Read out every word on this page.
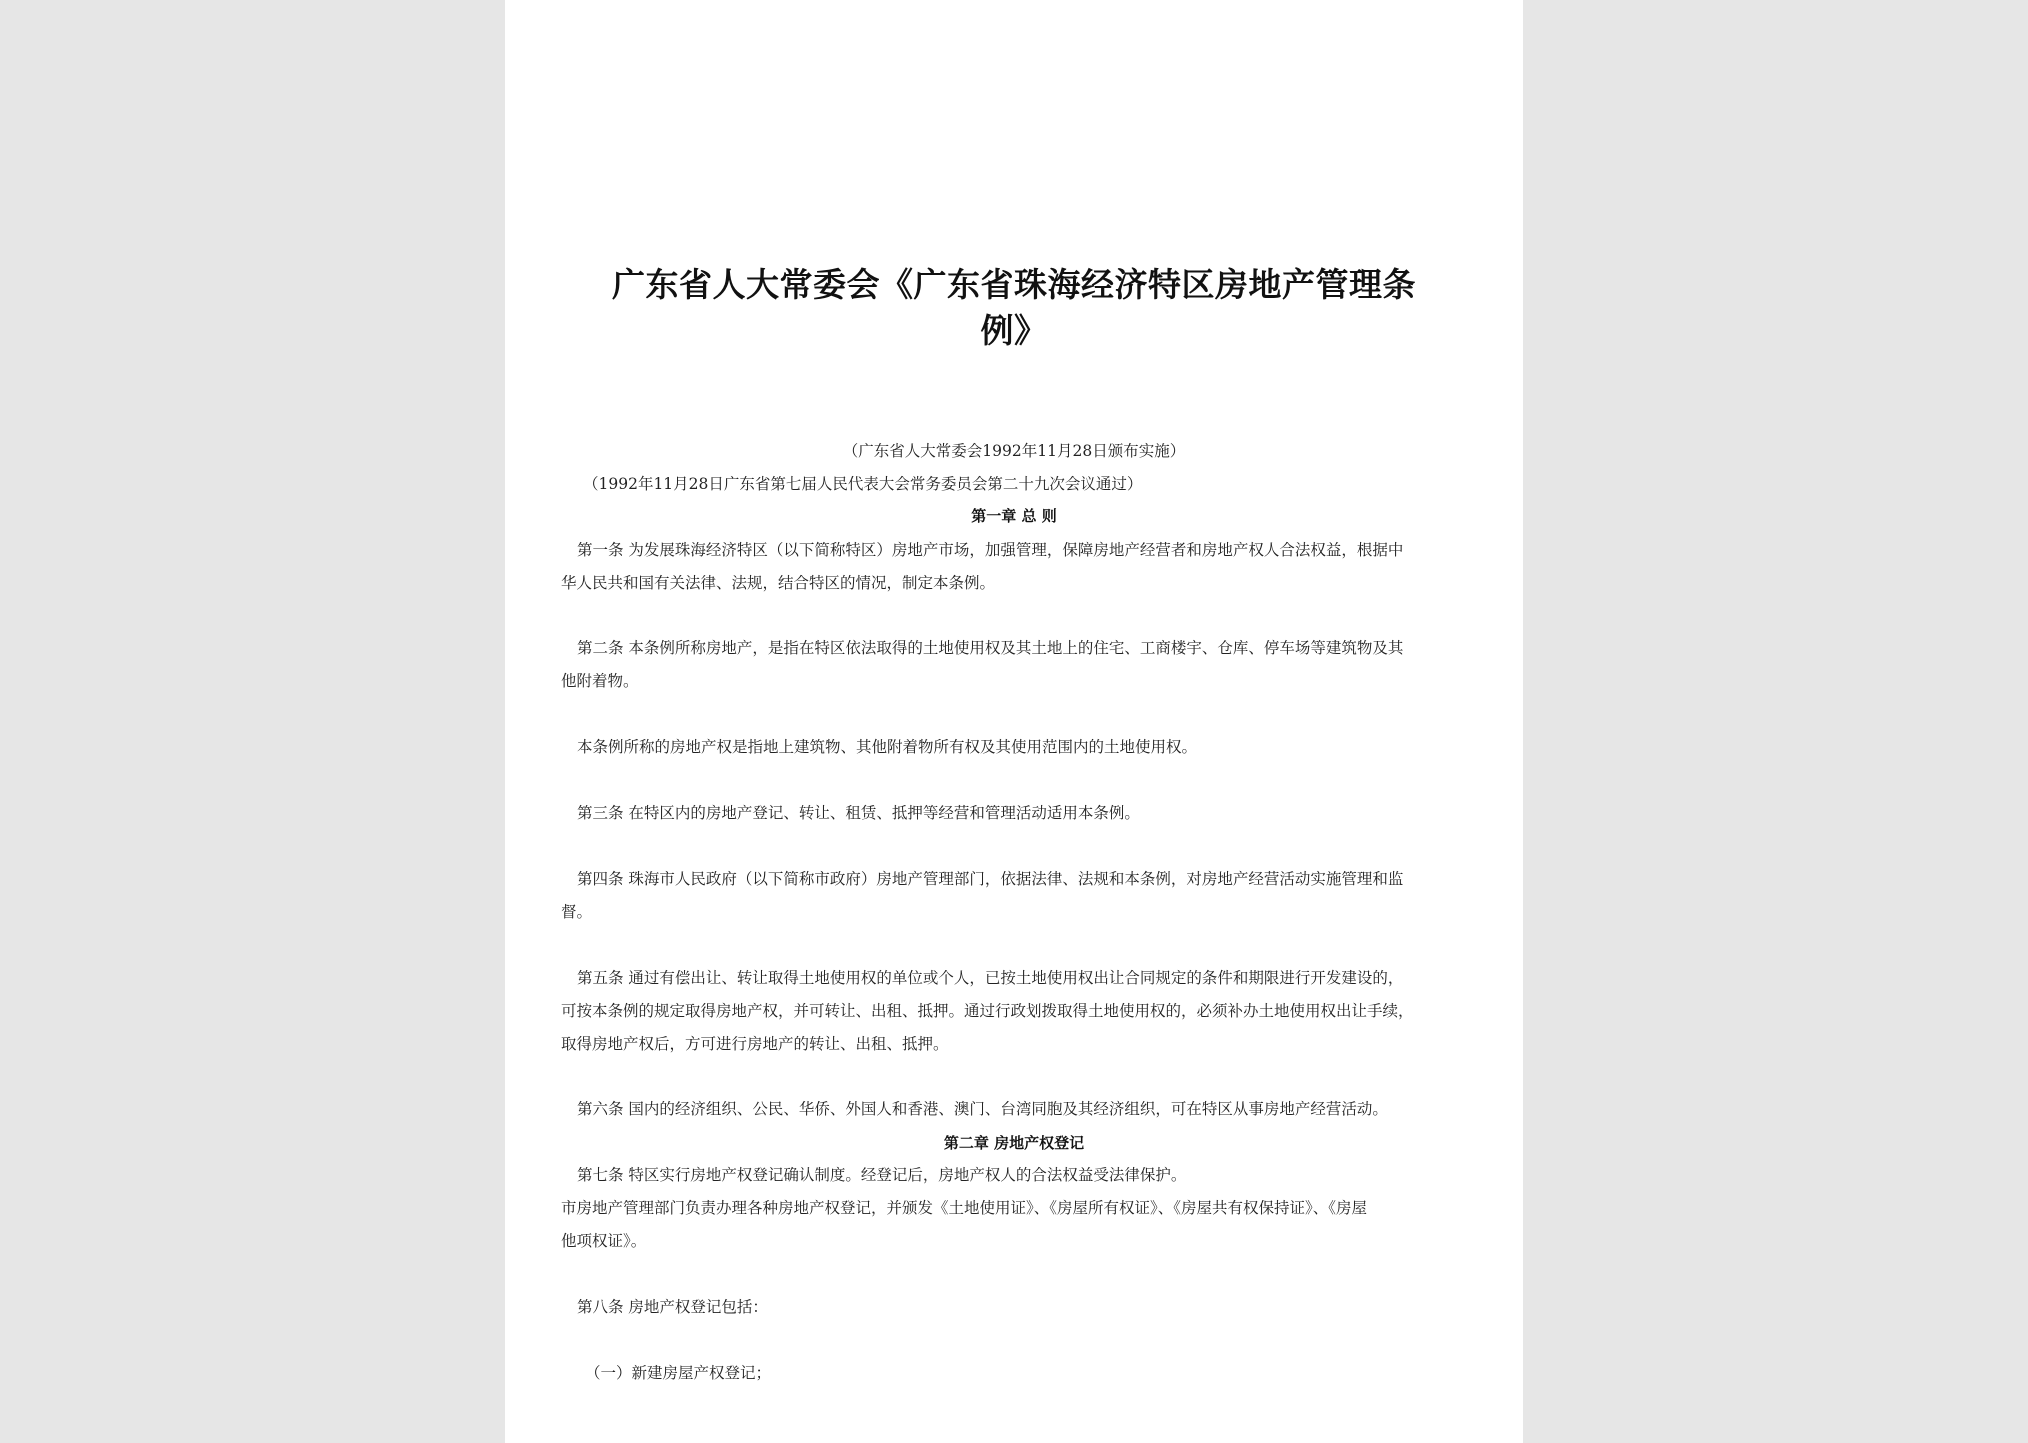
广东省人大常委会《广东省珠海经济特区房地产管理条
例》
（广东省人大常委会1992年11月28日颁布实施）
（1992年11月28日广东省第七届人民代表大会常务委员会第二十九次会议通过）
第一章 总 则
第一条 为发展珠海经济特区（以下简称特区）房地产市场，加强管理，保障房地产经营者和房地产权人合法权益，根据中
华人民共和国有关法律、法规，结合特区的情况，制定本条例。
第二条 本条例所称房地产，是指在特区依法取得的土地使用权及其土地上的住宅、工商楼宇、仓库、停车场等建筑物及其
他附着物。
本条例所称的房地产权是指地上建筑物、其他附着物所有权及其使用范围内的土地使用权。
第三条 在特区内的房地产登记、转让、租赁、抵押等经营和管理活动适用本条例。
第四条 珠海市人民政府（以下简称市政府）房地产管理部门，依据法律、法规和本条例，对房地产经营活动实施管理和监
督。
第五条 通过有偿出让、转让取得土地使用权的单位或个人，已按土地使用权出让合同规定的条件和期限进行开发建设的，
可按本条例的规定取得房地产权，并可转让、出租、抵押。通过行政划拨取得土地使用权的，必须补办土地使用权出让手续，
取得房地产权后，方可进行房地产的转让、出租、抵押。
第六条 国内的经济组织、公民、华侨、外国人和香港、澳门、台湾同胞及其经济组织，可在特区从事房地产经营活动。
第二章 房地产权登记
第七条 特区实行房地产权登记确认制度。经登记后，房地产权人的合法权益受法律保护。
市房地产管理部门负责办理各种房地产权登记，并颁发《土地使用证》、《房屋所有权证》、《房屋共有权保持证》、《房屋
他项权证》。
第八条 房地产权登记包括：
（一）新建房屋产权登记；
